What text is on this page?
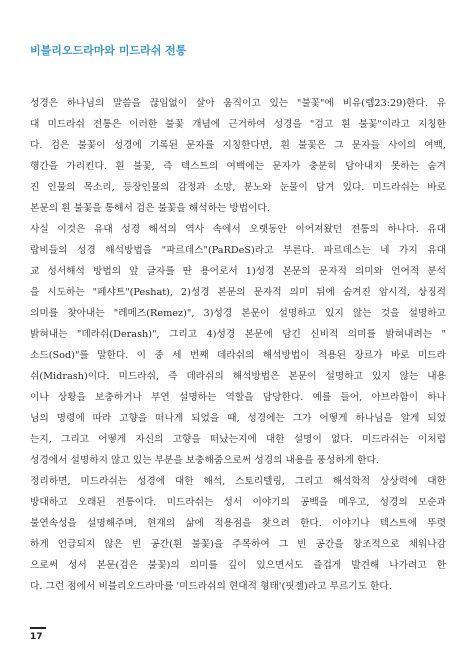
비블리오드라마와 미드라쉬 전통
성경은 하나님의 말씀을 끊임없이 살아 움직이고 있는 "불꽃"에 비유(렘23:29)한다. 유
대 미드라쉬 전통은 이러한 불꽃 개념에 근거하여 성경을 "검고 흰 불꽃"이라고 지칭한
다. 검은 불꽃이 성경에 기록된 문자를 지칭한다면, 흰 불꽃은 그 문자들 사이의 여백,
행간을 가리킨다. 흰 불꽃, 즉 텍스트의 여백에는 문자가 충분히 담아내지 못하는 숨겨
진 인물의 목소리, 등장인물의 감정과 소망, 분노와 눈물이 담겨 있다. 미드라쉬는 바로
본문의 흰 불꽃을 통해서 검은 불꽃을 해석하는 방법이다.
사실 이것은 유대 성경 해석의 역사 속에서 오랫동안 이어져왔던 전통의 하나다. 유대
랍비들의 성경 해석방법을 "파르데스"(PaRDeS)라고 부른다. 파르데스는 네 가지 유대
교 성서해석 방법의 앞 글자를 딴 용어로서 1)성경 본문의 문자적 의미와 언어적 분석
을 시도하는 "페샤트"(Peshat), 2)성경 본문의 문자적 의미 뒤에 숨겨진 암시적, 상징적
의미를 찾아내는 "레메즈(Remez)", 3)성경 본문이 설명하고 있지 않는 것을 설명하고
밝혀내는 "데라쉬(Derash)", 그리고 4)성경 본문에 담긴 신비적 의미를 밝혀내려는 "
소드(Sod)"를 말한다. 이 중 세 번째 데라쉬의 해석방법이 적용된 장르가 바로 미드라
쉬(Midrash)이다. 미드라쉬, 즉 데라쉬의 해석방법은 본문이 설명하고 있지 않는 내용
이나 상황을 보충하거나 부연 설명하는 역할을 담당한다. 예를 들어, 아브라함이 하나
님의 명령에 따라 고향을 떠나게 되었을 때, 성경에는 그가 어떻게 하나님을 알게 되었
는지, 그리고 어떻게 자신의 고향을 떠났는지에 대한 설명이 없다. 미드라쉬는 이처럼
성경에서 설명하지 않고 있는 부분을 보충해줌으로써 성경의 내용을 풍성하게 한다.
정리하면, 미드라쉬는 성경에 대한 해석, 스토리텔링, 그리고 해석학적 상상력에 대한
방대하고 오래된 전통이다. 미드라쉬는 성서 이야기의 공백을 메우고, 성경의 모순과
불연속성을 설명해주며, 현재의 삶에 적용점을 찾으려 한다. 이야기나 텍스트에 뚜렷
하게 언급되지 않은 빈 공간(흰 불꽃)을 주목하여 그 빈 공간을 창조적으로 채워나감
으로써 성서 본문(검은 불꽃)의 의미를 깊이 있으면서도 즐겁게 발견해 나가려고 한
다. 그런 점에서 비블리오드라마를 '미드라쉬의 현대적 형태'(핏젤)라고 부르기도 한다.
17
